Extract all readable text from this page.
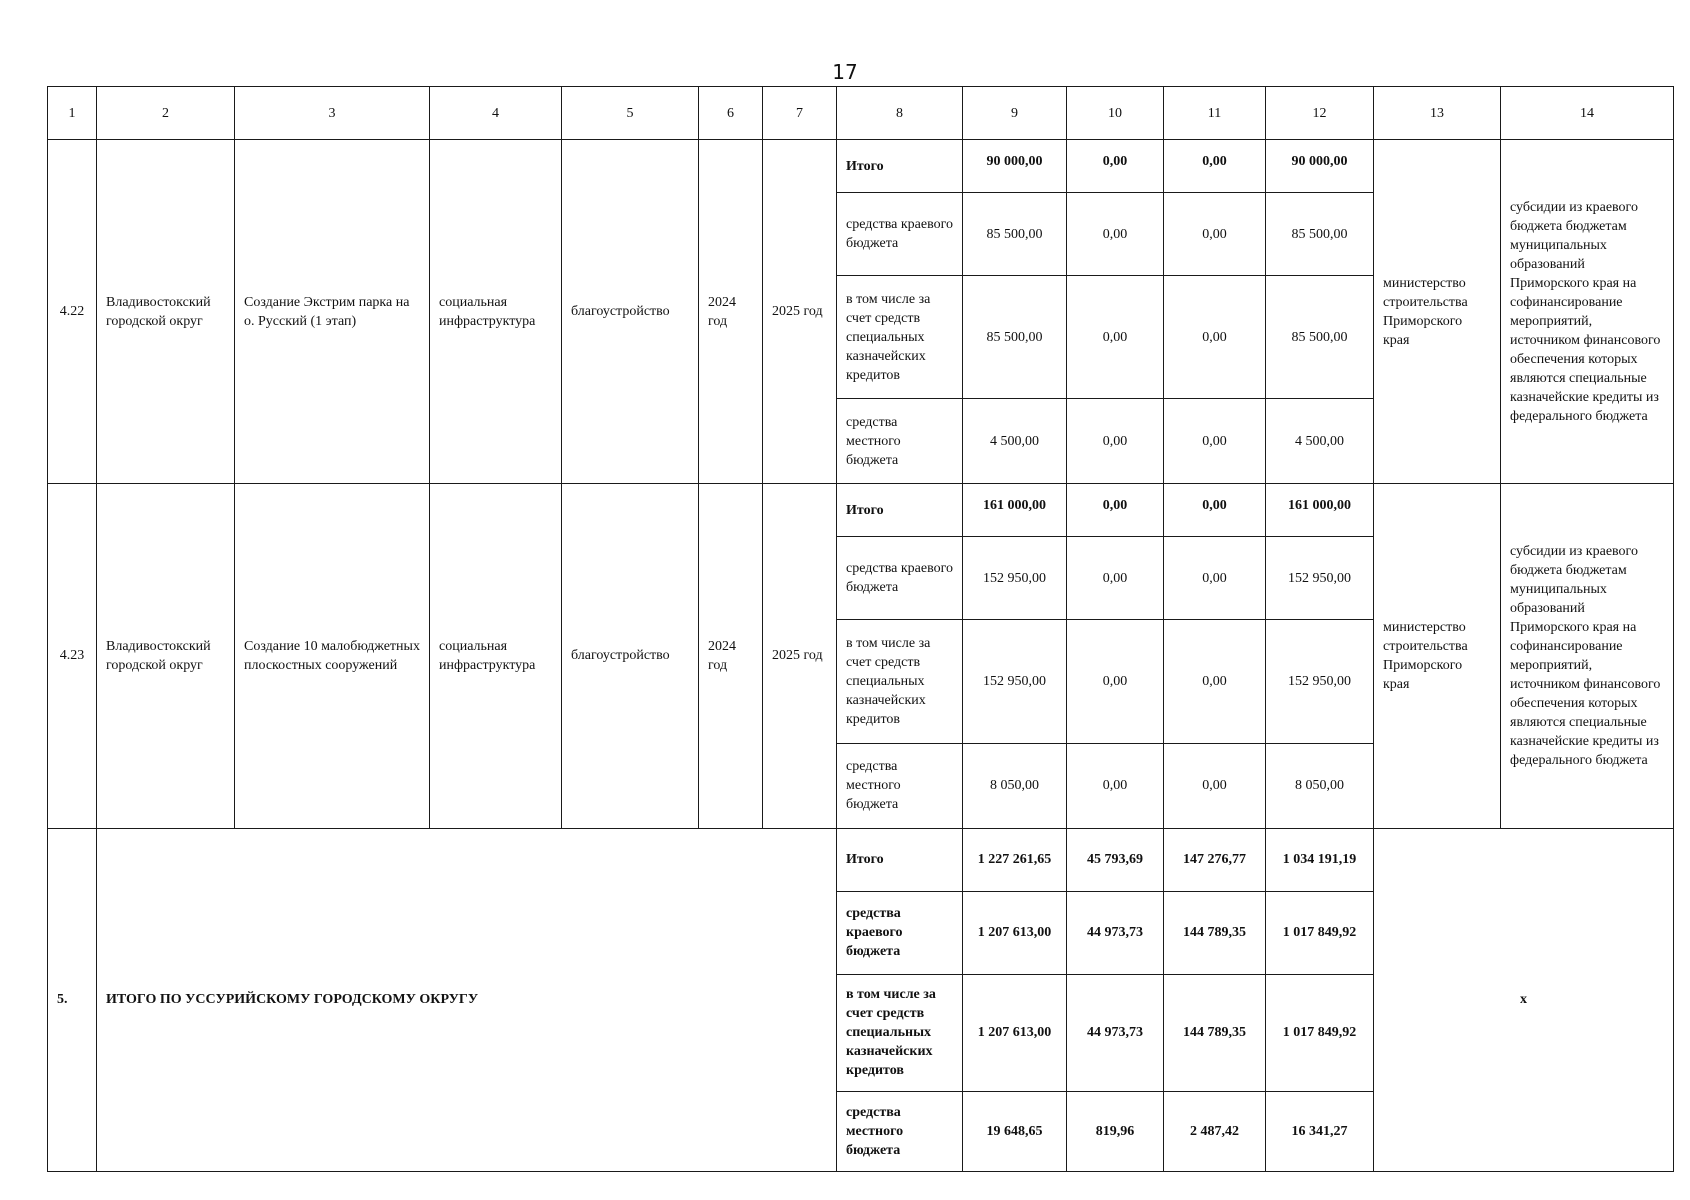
17
1	2	3	4	5	6	7	8	9	10	11	12	13	14
4.22	Владивостокский городской округ	Создание Экстрим парка на о. Русский (1 этап)	социальная инфраструктура	благоустройство	2024 год	2025 год	Итого	90 000,00	0,00	0,00	90 000,00	министерство строительства Приморского края	субсидии из краевого бюджета бюджетам муниципальных образований Приморского края на софинансирование мероприятий, источником финансового обеспечения которых являются специальные казначейские кредиты из федерального бюджета
							средства краевого бюджета	85 500,00	0,00	0,00	85 500,00		
							в том числе за счет средств специальных казначейских кредитов	85 500,00	0,00	0,00	85 500,00		
							средства местного бюджета	4 500,00	0,00	0,00	4 500,00		
4.23	Владивостокский городской округ	Создание 10 малобюджетных плоскостных сооружений	социальная инфраструктура	благоустройство	2024 год	2025 год	Итого	161 000,00	0,00	0,00	161 000,00	министерство строительства Приморского края	субсидии из краевого бюджета бюджетам муниципальных образований Приморского края на софинансирование мероприятий, источником финансового обеспечения которых являются специальные казначейские кредиты из федерального бюджета
							средства краевого бюджета	152 950,00	0,00	0,00	152 950,00		
							в том числе за счет средств специальных казначейских кредитов	152 950,00	0,00	0,00	152 950,00		
							средства местного бюджета	8 050,00	0,00	0,00	8 050,00		
5.	ИТОГО ПО УССУРИЙСКОМУ ГОРОДСКОМУ ОКРУГУ						Итого	1 227 261,65	45 793,69	147 276,77	1 034 191,19	x	
							средства краевого бюджета	1 207 613,00	44 973,73	144 789,35	1 017 849,92		
							в том числе за счет средств специальных казначейских кредитов	1 207 613,00	44 973,73	144 789,35	1 017 849,92		
							средства местного бюджета	19 648,65	819,96	2 487,42	16 341,27		
